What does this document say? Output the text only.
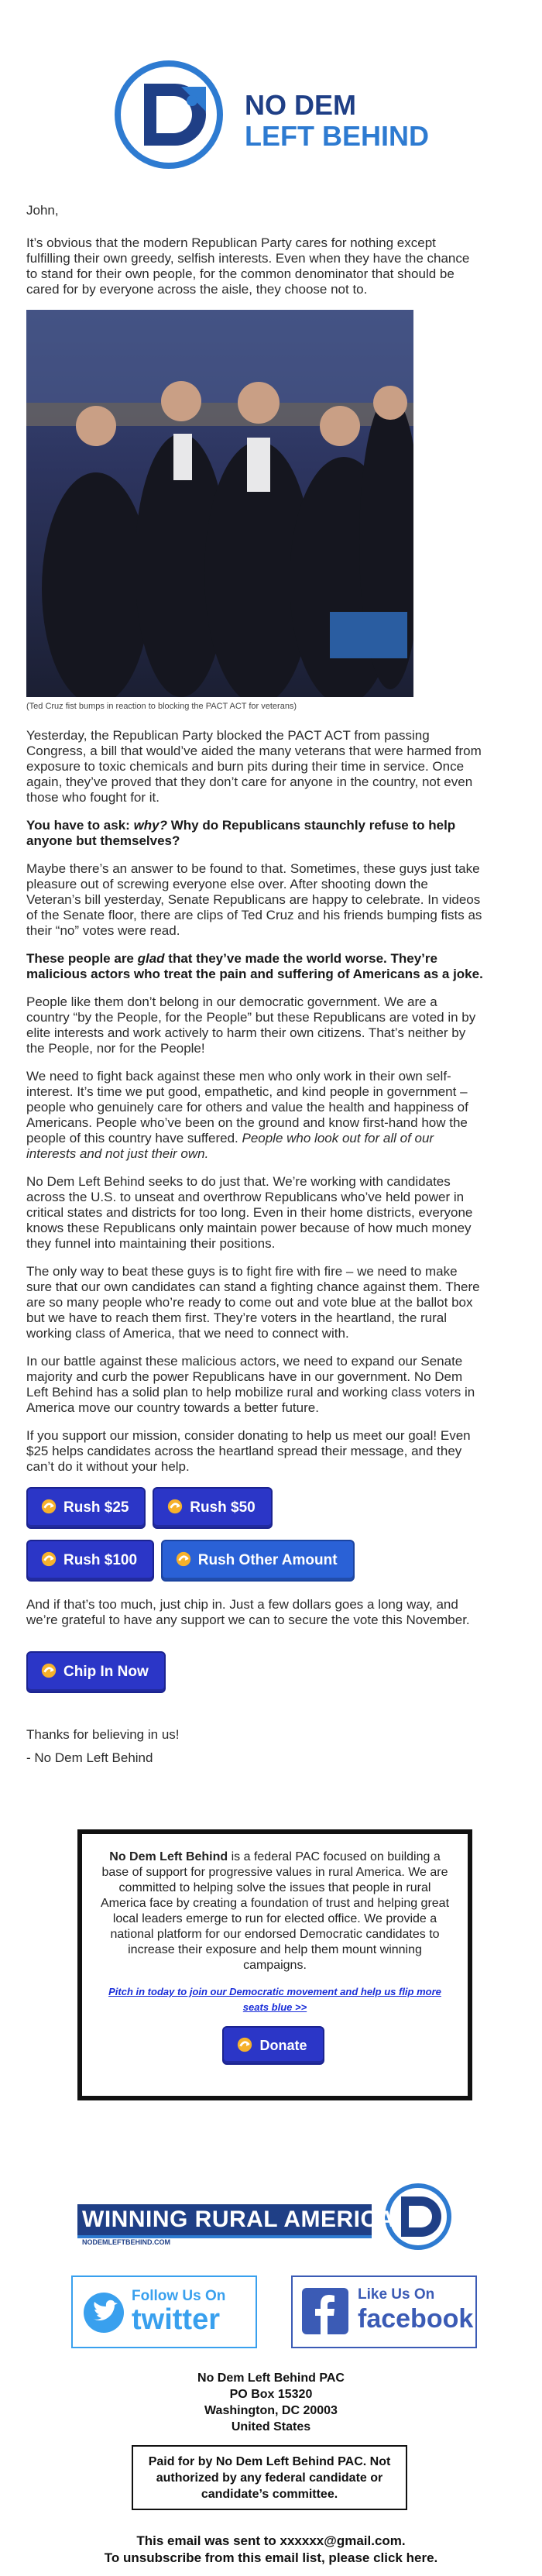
NO DEM
LEFT BEHIND

John,

It’s obvious that the modern Republican Party cares for nothing except fulfilling their own greedy, selfish interests. Even when they have the chance to stand for their own people, for the common denominator that should be cared for by everyone across the aisle, they choose not to.

(Ted Cruz fist bumps in reaction to blocking the PACT ACT for veterans)

Yesterday, the Republican Party blocked the PACT ACT from passing Congress, a bill that would’ve aided the many veterans that were harmed from exposure to toxic chemicals and burn pits during their time in service. Once again, they’ve proved that they don’t care for anyone in the country, not even those who fought for it.

You have to ask: why? Why do Republicans staunchly refuse to help anyone but themselves?

Maybe there’s an answer to be found to that. Sometimes, these guys just take pleasure out of screwing everyone else over. After shooting down the Veteran’s bill yesterday, Senate Republicans are happy to celebrate. In videos of the Senate floor, there are clips of Ted Cruz and his friends bumping fists as their “no” votes were read.

These people are glad that they’ve made the world worse. They’re malicious actors who treat the pain and suffering of Americans as a joke.

People like them don’t belong in our democratic government. We are a country “by the People, for the People” but these Republicans are voted in by elite interests and work actively to harm their own citizens. That’s neither by the People, nor for the People!

We need to fight back against these men who only work in their own self-interest. It’s time we put good, empathetic, and kind people in government – people who genuinely care for others and value the health and happiness of Americans. People who’ve been on the ground and know first-hand how the people of this country have suffered. People who look out for all of our interests and not just their own.

No Dem Left Behind seeks to do just that. We’re working with candidates across the U.S. to unseat and overthrow Republicans who’ve held power in critical states and districts for too long. Even in their home districts, everyone knows these Republicans only maintain power because of how much money they funnel into maintaining their positions.

The only way to beat these guys is to fight fire with fire – we need to make sure that our own candidates can stand a fighting chance against them. There are so many people who’re ready to come out and vote blue at the ballot box but we have to reach them first. They’re voters in the heartland, the rural working class of America, that we need to connect with.

In our battle against these malicious actors, we need to expand our Senate majority and curb the power Republicans have in our government. No Dem Left Behind has a solid plan to help mobilize rural and working class voters in America move our country towards a better future.

If you support our mission, consider donating to help us meet our goal! Even $25 helps candidates across the heartland spread their message, and they can’t do it without your help.

Rush $25	Rush $50
Rush $100	Rush Other Amount

And if that’s too much, just chip in. Just a few dollars goes a long way, and we’re grateful to have any support we can to secure the vote this November.

Chip In Now

Thanks for believing in us!

- No Dem Left Behind

No Dem Left Behind is a federal PAC focused on building a base of support for progressive values in rural America. We are committed to helping solve the issues that people in rural America face by creating a foundation of trust and helping great local leaders emerge to run for elected office. We provide a national platform for our endorsed Democratic candidates to increase their exposure and help them mount winning campaigns.

Pitch in today to join our Democratic movement and help us flip more seats blue >>
Donate
WINNING RURAL AMERICA
NODEMLEFTBEHIND.COM
Follow Us On
twitter
Like Us On
facebook
No Dem Left Behind PAC
PO Box 15320
Washington, DC 20003
United States
Paid for by No Dem Left Behind PAC. Not authorized by any federal candidate or candidate’s committee.
This email was sent to xxxxxx@gmail.com.
To unsubscribe from this email list, please click here.
